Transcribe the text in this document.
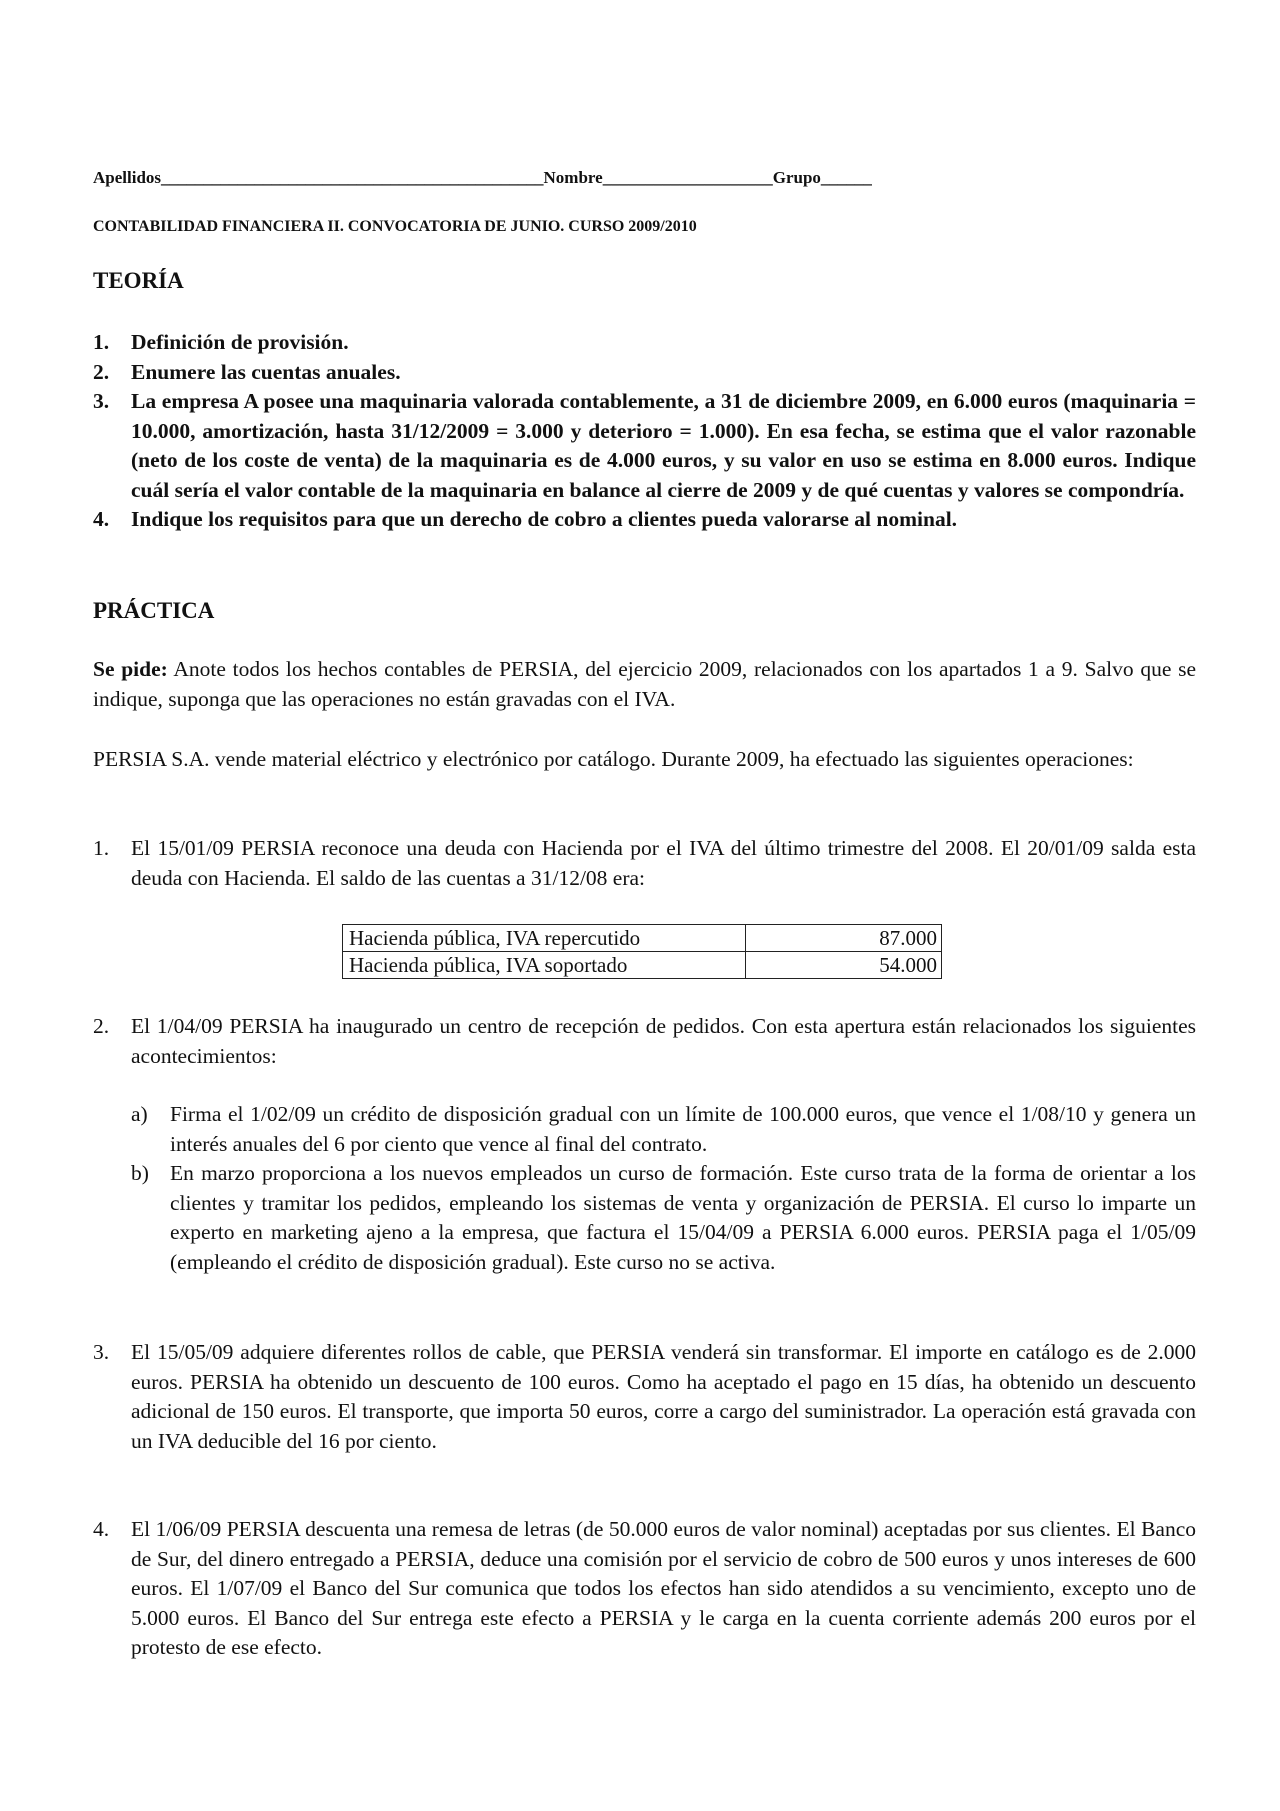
Apellidos_____________________________________________Nombre____________________Grupo______
CONTABILIDAD FINANCIERA II. CONVOCATORIA DE JUNIO. CURSO 2009/2010
TEORÍA
1. Definición de provisión.
2. Enumere las cuentas anuales.
3. La empresa A posee una maquinaria valorada contablemente, a 31 de diciembre 2009, en 6.000 euros (maquinaria = 10.000, amortización, hasta 31/12/2009 = 3.000 y deterioro = 1.000). En esa fecha, se estima que el valor razonable (neto de los coste de venta) de la maquinaria es de 4.000 euros, y su valor en uso se estima en 8.000 euros. Indique cuál sería el valor contable de la maquinaria en balance al cierre de 2009 y de qué cuentas y valores se compondría.
4. Indique los requisitos para que un derecho de cobro a clientes pueda valorarse al nominal.
PRÁCTICA
Se pide: Anote todos los hechos contables de PERSIA, del ejercicio 2009, relacionados con los apartados 1 a 9. Salvo que se indique, suponga que las operaciones no están gravadas con el IVA.
PERSIA S.A. vende material eléctrico y electrónico por catálogo. Durante 2009, ha efectuado las siguientes operaciones:
1. El 15/01/09 PERSIA reconoce una deuda con Hacienda por el IVA del último trimestre del 2008. El 20/01/09 salda esta deuda con Hacienda. El saldo de las cuentas a 31/12/08 era:
Hacienda pública, IVA repercutido	87.000
Hacienda pública, IVA soportado	54.000
2. El 1/04/09 PERSIA ha inaugurado un centro de recepción de pedidos. Con esta apertura están relacionados los siguientes acontecimientos:
a) Firma el 1/02/09 un crédito de disposición gradual con un límite de 100.000 euros, que vence el 1/08/10 y genera un interés anuales del 6 por ciento que vence al final del contrato.
b) En marzo proporciona a los nuevos empleados un curso de formación. Este curso trata de la forma de orientar a los clientes y tramitar los pedidos, empleando los sistemas de venta y organización de PERSIA. El curso lo imparte un experto en marketing ajeno a la empresa, que factura el 15/04/09 a PERSIA 6.000 euros. PERSIA paga el 1/05/09 (empleando el crédito de disposición gradual). Este curso no se activa.
3. El 15/05/09 adquiere diferentes rollos de cable, que PERSIA venderá sin transformar. El importe en catálogo es de 2.000 euros. PERSIA ha obtenido un descuento de 100 euros. Como ha aceptado el pago en 15 días, ha obtenido un descuento adicional de 150 euros. El transporte, que importa 50 euros, corre a cargo del suministrador. La operación está gravada con un IVA deducible del 16 por ciento.
4. El 1/06/09 PERSIA descuenta una remesa de letras (de 50.000 euros de valor nominal) aceptadas por sus clientes. El Banco de Sur, del dinero entregado a PERSIA, deduce una comisión por el servicio de cobro de 500 euros y unos intereses de 600 euros. El 1/07/09 el Banco del Sur comunica que todos los efectos han sido atendidos a su vencimiento, excepto uno de 5.000 euros. El Banco del Sur entrega este efecto a PERSIA y le carga en la cuenta corriente además 200 euros por el protesto de ese efecto.
